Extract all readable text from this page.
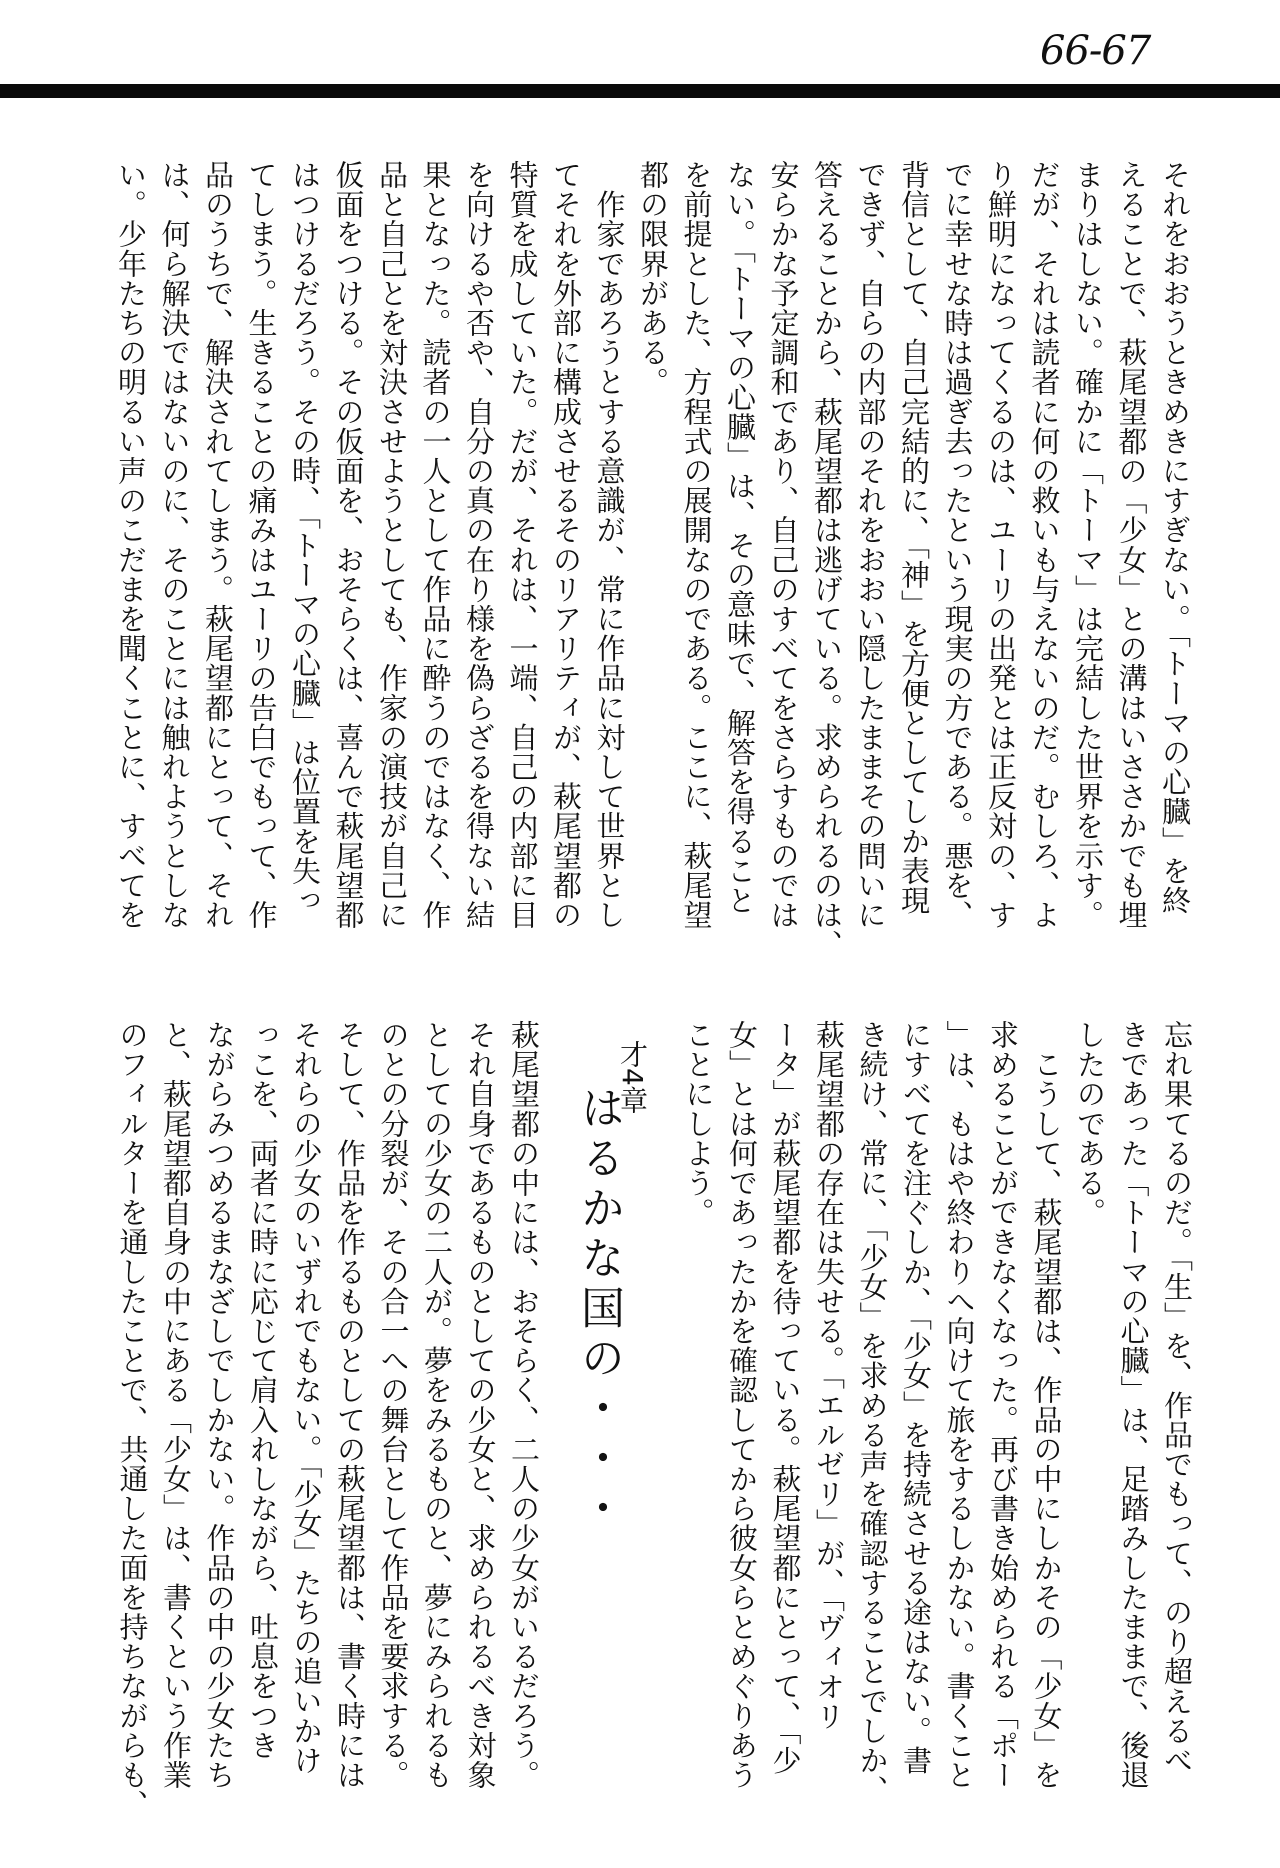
66-67
それをおおうときめきにすぎない。「トーマの心臓」を終
えることで、萩尾望都の「少女」との溝はいささかでも埋
まりはしない。確かに「トーマ」は完結した世界を示す。
だが、それは読者に何の救いも与えないのだ。むしろ、よ
り鮮明になってくるのは、ユーリの出発とは正反対の、す
でに幸せな時は過ぎ去ったという現実の方である。悪を、
背信として、自己完結的に、「神」を方便としてしか表現
できず、自らの内部のそれをおおい隠したままその問いに
答えることから、萩尾望都は逃げている。求められるのは、
安らかな予定調和であり、自己のすべてをさらすものでは
ない。「トーマの心臓」は、その意味で、解答を得ること
を前提とした、方程式の展開なのである。ここに、萩尾望
都の限界がある。
　作家であろうとする意識が、常に作品に対して世界とし
てそれを外部に構成させるそのリアリティが、萩尾望都の
特質を成していた。だが、それは、一端、自己の内部に目
を向けるや否や、自分の真の在り様を偽らざるを得ない結
果となった。読者の一人として作品に酔うのではなく、作
品と自己とを対決させようとしても、作家の演技が自己に
仮面をつける。その仮面を、おそらくは、喜んで萩尾望都
はつけるだろう。その時、「トーマの心臓」は位置を失っ
てしまう。生きることの痛みはユーリの告白でもって、作
品のうちで、解決されてしまう。萩尾望都にとって、それ
は、何ら解決ではないのに、そのことには触れようとしな
い。少年たちの明るい声のこだまを聞くことに、すべてを
忘れ果てるのだ。「生」を、作品でもって、のり超えるべ
きであった「トーマの心臓」は、足踏みしたままで、後退
したのである。
　こうして、萩尾望都は、作品の中にしかその「少女」を
求めることができなくなった。再び書き始められる「ポー
」は、もはや終わりへ向けて旅をするしかない。書くこと
にすべてを注ぐしか、「少女」を持続させる途はない。書
き続け、常に、「少女」を求める声を確認することでしか、
萩尾望都の存在は失せる。「エルゼリ」が、「ヴィオリ
ータ」が萩尾望都を待っている。萩尾望都にとって、「少
女」とは何であったかを確認してから彼女らとめぐりあう
ことにしよう。
才4章
はるかな国の・・・
萩尾望都の中には、おそらく、二人の少女がいるだろう。
それ自身であるものとしての少女と、求められるべき対象
としての少女の二人が。夢をみるものと、夢にみられるも
のとの分裂が、その合一への舞台として作品を要求する。
そして、作品を作るものとしての萩尾望都は、書く時には
それらの少女のいずれでもない。「少女」たちの追いかけ
っこを、両者に時に応じて肩入れしながら、吐息をつき
ながらみつめるまなざしでしかない。作品の中の少女たち
と、萩尾望都自身の中にある「少女」は、書くという作業
のフィルターを通したことで、共通した面を持ちながらも、
